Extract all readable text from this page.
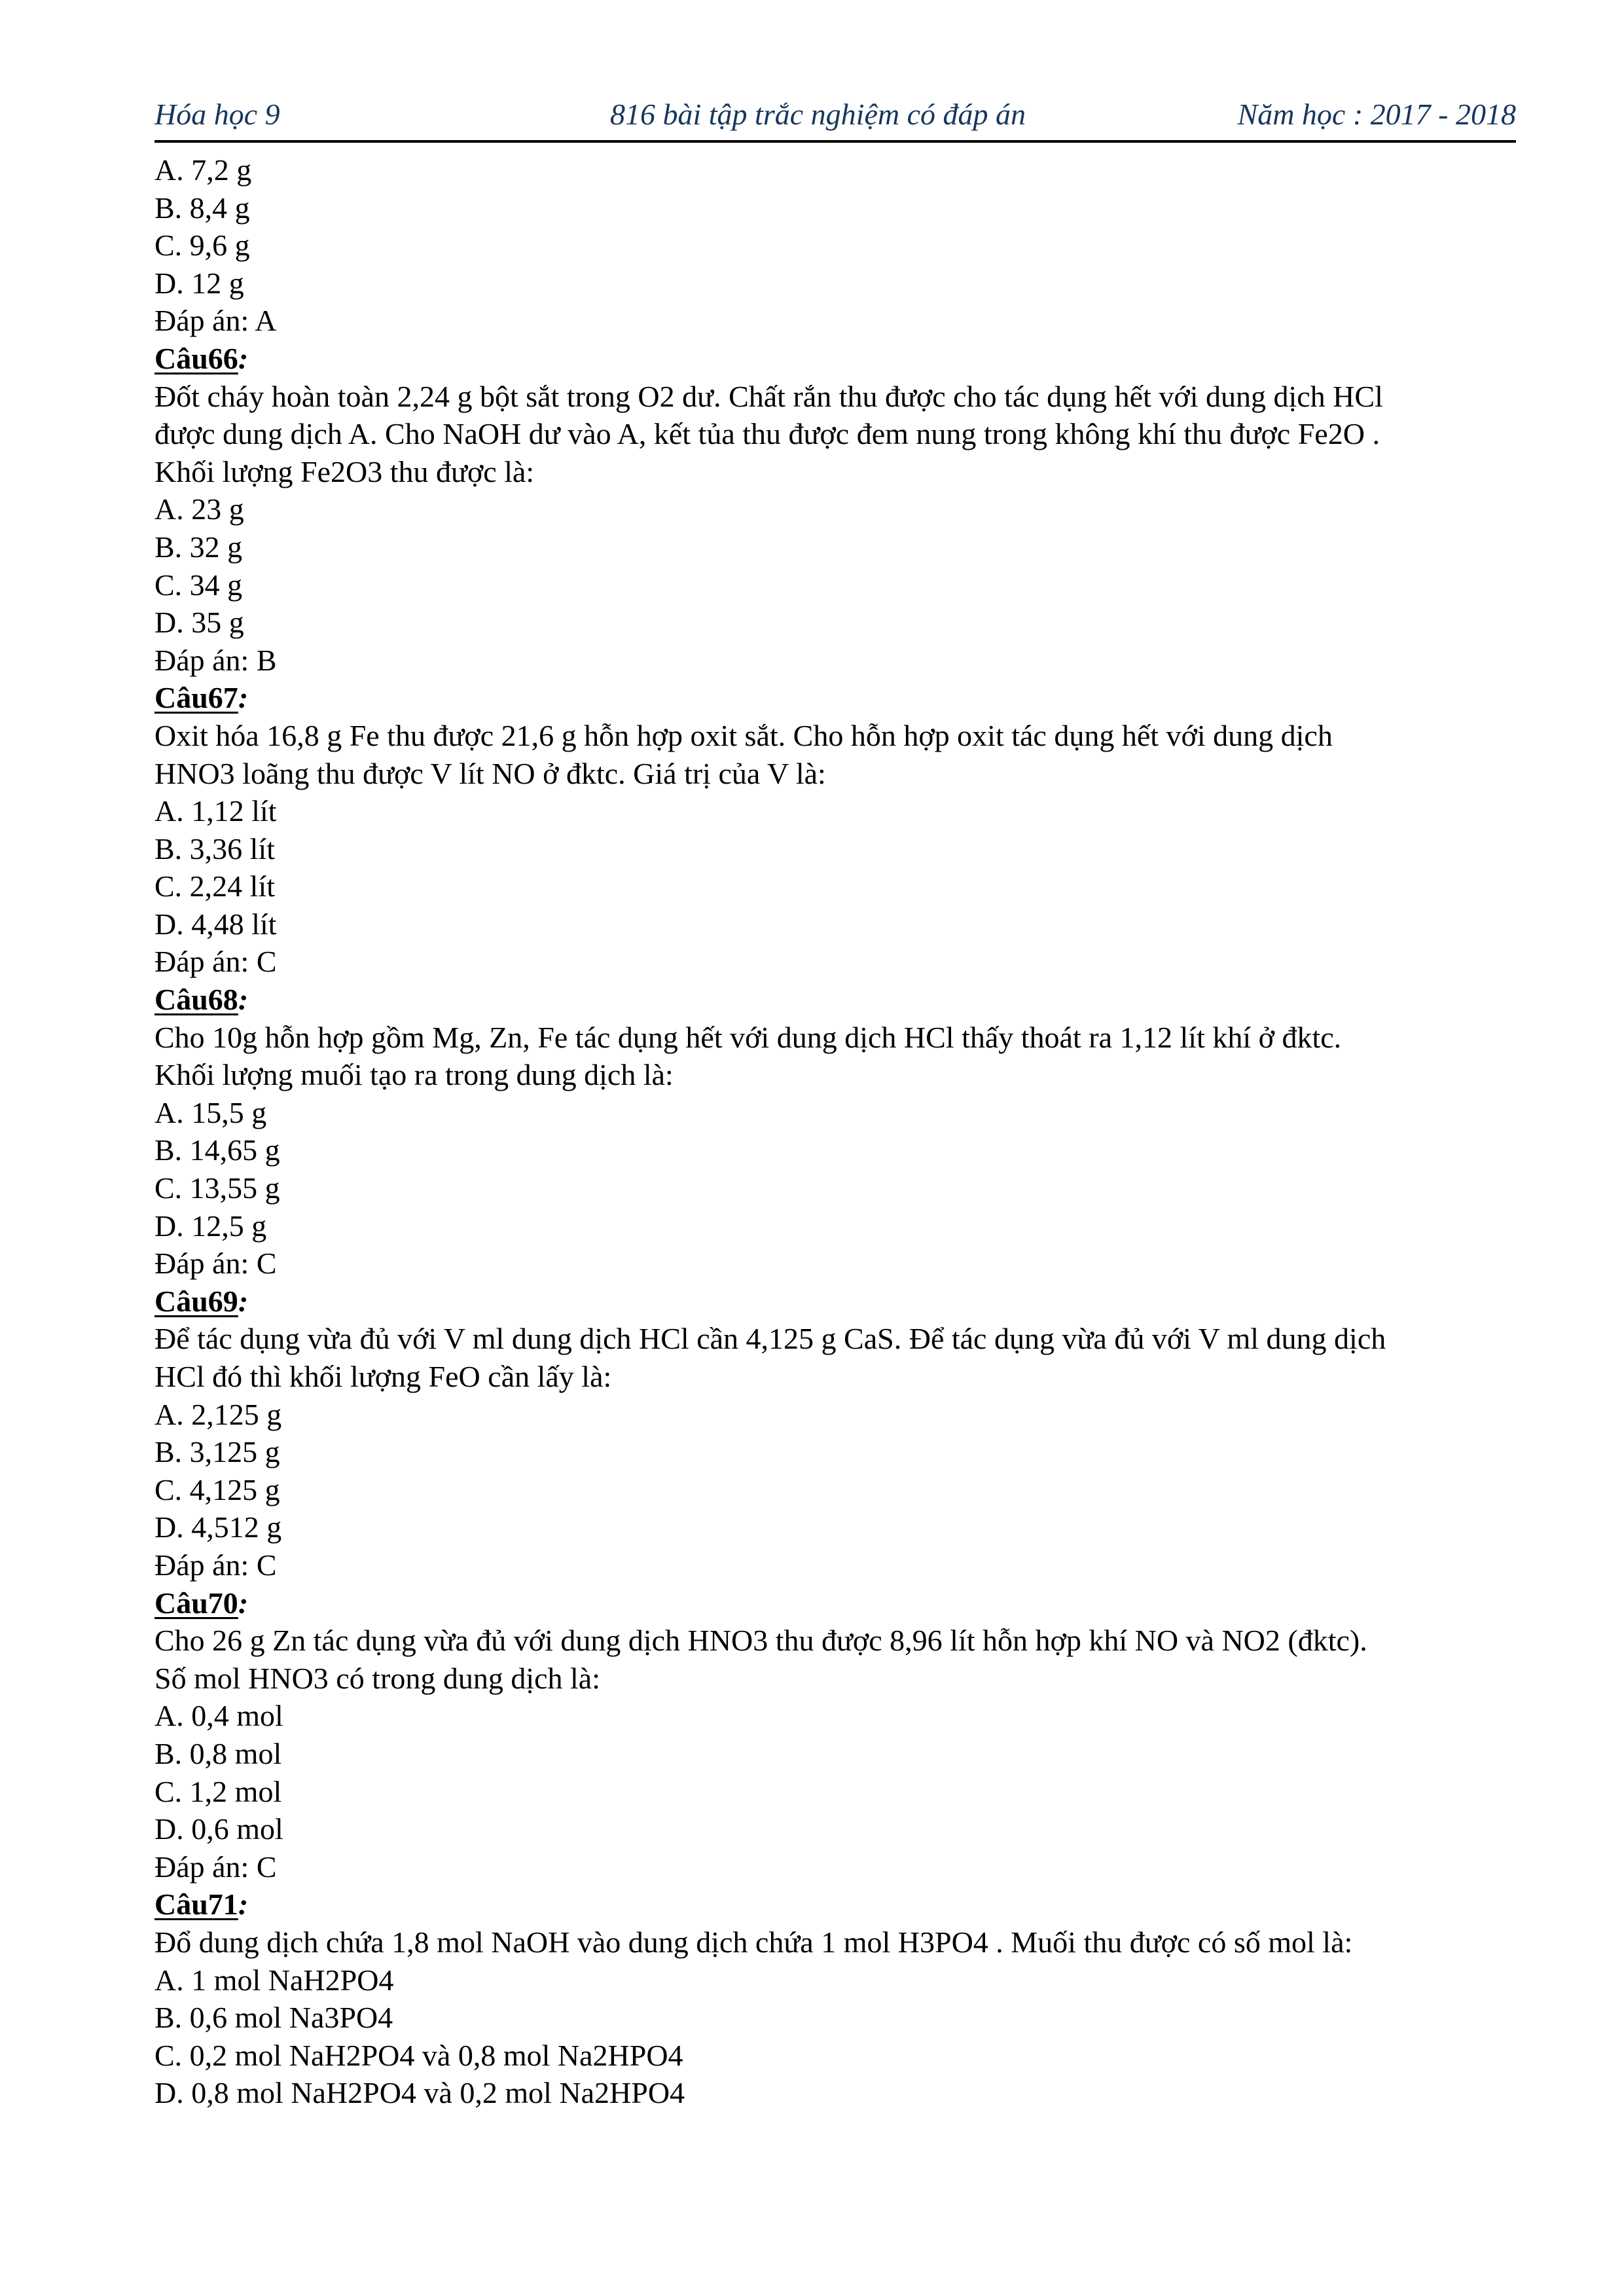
Hóa học 9	816 bài tập trắc nghiệm có đáp án	Năm học : 2017 - 2018

A. 7,2 g

B. 8,4 g

C. 9,6 g

D. 12 g

Đáp án: A

Câu66:

Đốt cháy hoàn toàn 2,24 g bột sắt trong O2 dư. Chất rắn thu được cho tác dụng hết với dung dịch HCl

được dung dịch A. Cho NaOH dư vào A, kết tủa thu được đem nung trong không khí thu được Fe2O .

Khối lượng Fe2O3 thu được là:

A. 23 g

B. 32 g

C. 34 g

D. 35 g

Đáp án: B

Câu67:

Oxit hóa 16,8 g Fe thu được 21,6 g hỗn hợp oxit sắt. Cho hỗn hợp oxit tác dụng hết với dung dịch

HNO3 loãng thu được V lít NO ở đktc. Giá trị của V là:

A. 1,12 lít

B. 3,36 lít

C. 2,24 lít

D. 4,48 lít

Đáp án: C

Câu68:

Cho 10g hỗn hợp gồm Mg, Zn, Fe tác dụng hết với dung dịch HCl thấy thoát ra 1,12 lít khí ở đktc.

Khối lượng muối tạo ra trong dung dịch là:

A. 15,5 g

B. 14,65 g

C. 13,55 g

D. 12,5 g

Đáp án: C

Câu69:

Để tác dụng vừa đủ với V ml dung dịch HCl cần 4,125 g CaS. Để tác dụng vừa đủ với V ml dung dịch

HCl đó thì khối lượng FeO cần lấy là:

A. 2,125 g

B. 3,125 g

C. 4,125 g

D. 4,512 g

Đáp án: C

Câu70:

Cho 26 g Zn tác dụng vừa đủ với dung dịch HNO3 thu được 8,96 lít hỗn hợp khí NO và NO2 (đktc).

Số mol HNO3 có trong dung dịch là:

A. 0,4 mol

B. 0,8 mol

C. 1,2 mol

D. 0,6 mol

Đáp án: C

Câu71:

Đổ dung dịch chứa 1,8 mol NaOH vào dung dịch chứa 1 mol H3PO4 . Muối thu được có số mol là:

A. 1 mol NaH2PO4

B. 0,6 mol Na3PO4

C. 0,2 mol NaH2PO4 và 0,8 mol Na2HPO4

D. 0,8 mol NaH2PO4 và 0,2 mol Na2HPO4
